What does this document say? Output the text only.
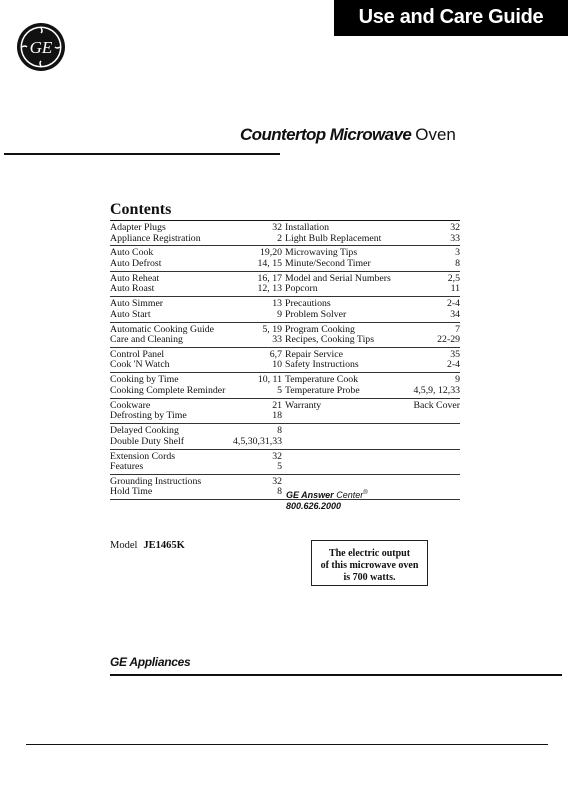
Use and Care Guide
GE
Countertop Microwave Oven
Contents
Adapter Plugs	32
Appliance Registration	2
Installation	32
Light Bulb Replacement	33
Auto Cook	19,20
Auto Defrost	14, 15
Microwaving Tips	3
Minute/Second Timer	8
Auto Reheat	16, 17
Auto Roast	12, 13
Model and Serial Numbers	2,5
Popcorn	11
Auto Simmer	13
Auto Start	9
Precautions	2-4
Problem Solver	34
Automatic Cooking Guide	5, 19
Care and Cleaning	33
Program Cooking	7
Recipes, Cooking Tips	22-29
Control Panel	6,7
Cook 'N Watch	10
Repair Service	35
Safety Instructions	2-4
Cooking by Time	10, 11
Cooking Complete Reminder	5
Temperature Cook	9
Temperature Probe	4,5,9, 12,33
Cookware	21
Defrosting by Time	18
Warranty	Back Cover

Delayed Cooking	8
Double Duty Shelf	4,5,30,31,33

Extension Cords	32
Features	5

Grounding Instructions	32
Hold Time	8

GE Answer Center®
800.626.2000
Model JE1465K
The electric output
of this microwave oven
is 700 watts.
GE Appliances
